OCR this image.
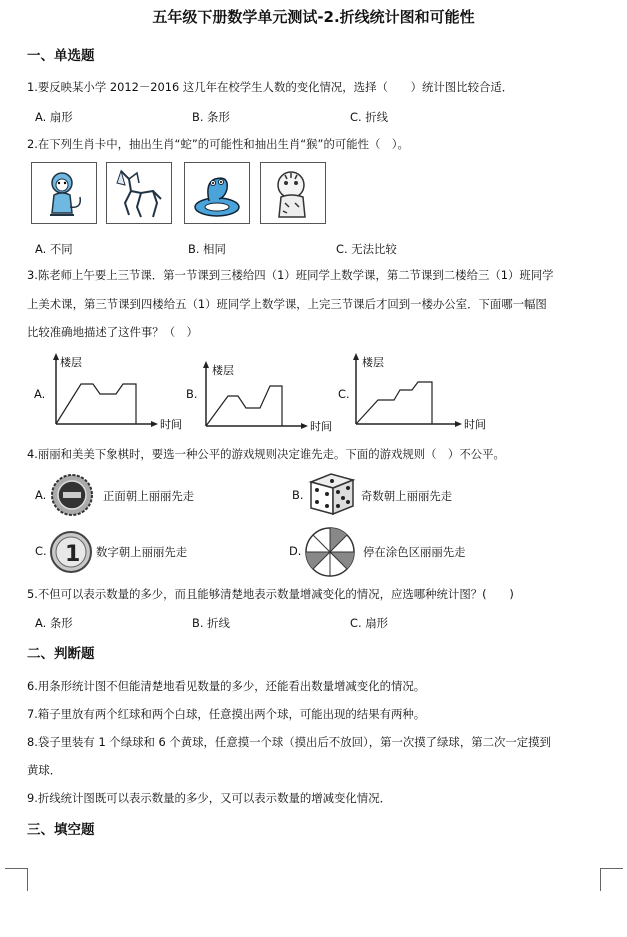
五年级下册数学单元测试-2.折线统计图和可能性
一、单选题
1.要反映某小学 2012－2016 这几年在校学生人数的变化情况，选择（　　）统计图比较合适．
A. 扇形	B. 条形	C. 折线
2.在下列生肖卡中，抽出生肖“蛇”的可能性和抽出生肖“猴”的可能性（　）。
A. 不同	B. 相同	C. 无法比较
3.陈老师上午要上三节课．第一节课到三楼给四（1）班同学上数学课，第二节课到二楼给三（1）班同学
上美术课，第三节课到四楼给五（1）班同学上数学课，上完三节课后才回到一楼办公室．下面哪一幅图
比较准确地描述了这件事？（　）
A.
楼层
时间
B.
楼层
时间
C.
楼层
时间
4.丽丽和美美下象棋时，要选一种公平的游戏规则决定谁先走。下面的游戏规则（　）不公平。
A.	正面朝上丽丽先走	B.	奇数朝上丽丽先走
C. 1 数字朝上丽丽先走	D.	停在涂色区丽丽先走
5.不但可以表示数量的多少，而且能够清楚地表示数量增减变化的情况，应选哪种统计图？(　　)
A. 条形	B. 折线	C. 扇形
二、判断题
6.用条形统计图不但能清楚地看见数量的多少，还能看出数量增减变化的情况。
7.箱子里放有两个红球和两个白球，任意摸出两个球，可能出现的结果有两种。
8.袋子里装有 1 个绿球和 6 个黄球，任意摸一个球（摸出后不放回），第一次摸了绿球，第二次一定摸到
黄球．
9.折线统计图既可以表示数量的多少，又可以表示数量的增减变化情况．
三、填空题
